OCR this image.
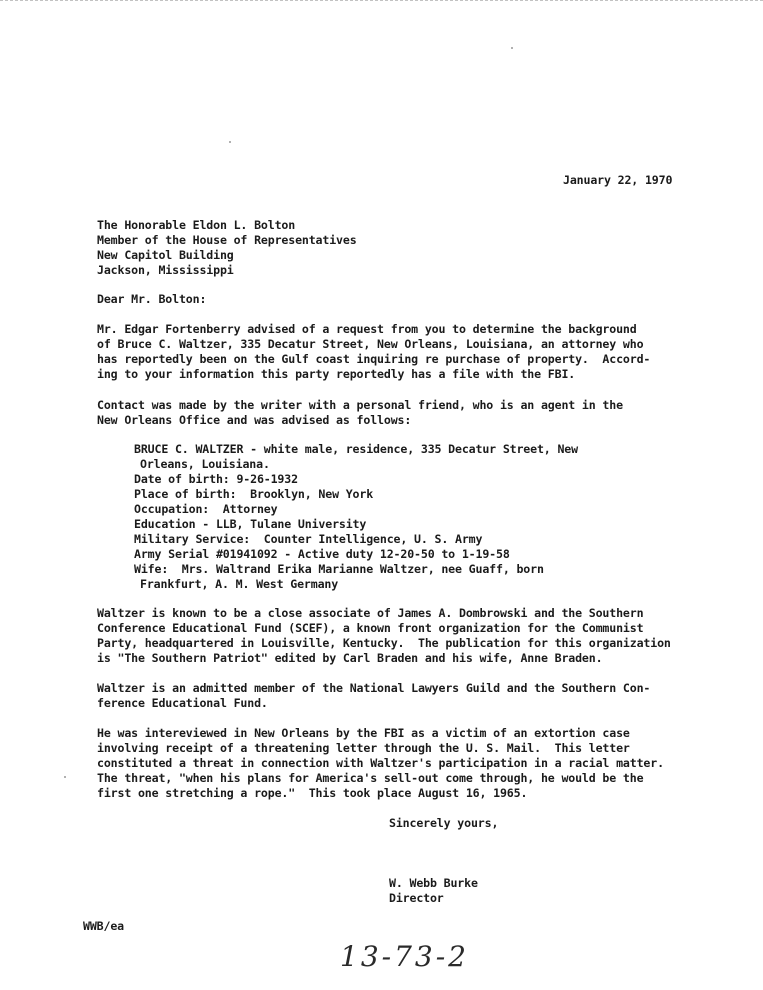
January 22, 1970
The Honorable Eldon L. Bolton
Member of the House of Representatives
New Capitol Building
Jackson, Mississippi
Dear Mr. Bolton:
Mr. Edgar Fortenberry advised of a request from you to determine the background
of Bruce C. Waltzer, 335 Decatur Street, New Orleans, Louisiana, an attorney who
has reportedly been on the Gulf coast inquiring re purchase of property.  Accord-
ing to your information this party reportedly has a file with the FBI.
Contact was made by the writer with a personal friend, who is an agent in the
New Orleans Office and was advised as follows:
BRUCE C. WALTZER - white male, residence, 335 Decatur Street, New
Orleans, Louisiana.
Date of birth: 9-26-1932
Place of birth:  Brooklyn, New York
Occupation:  Attorney
Education - LLB, Tulane University
Military Service:  Counter Intelligence, U. S. Army
Army Serial #01941092 - Active duty 12-20-50 to 1-19-58
Wife:  Mrs. Waltrand Erika Marianne Waltzer, nee Guaff, born
Frankfurt, A. M. West Germany
Waltzer is known to be a close associate of James A. Dombrowski and the Southern
Conference Educational Fund (SCEF), a known front organization for the Communist
Party, headquartered in Louisville, Kentucky.  The publication for this organization
is "The Southern Patriot" edited by Carl Braden and his wife, Anne Braden.
Waltzer is an admitted member of the National Lawyers Guild and the Southern Con-
ference Educational Fund.
He was intereviewed in New Orleans by the FBI as a victim of an extortion case
involving receipt of a threatening letter through the U. S. Mail.  This letter
constituted a threat in connection with Waltzer's participation in a racial matter.
The threat, "when his plans for America's sell-out come through, he would be the
first one stretching a rope."  This took place August 16, 1965.
Sincerely yours,
W. Webb Burke
Director
WWB/ea
13-73-2
